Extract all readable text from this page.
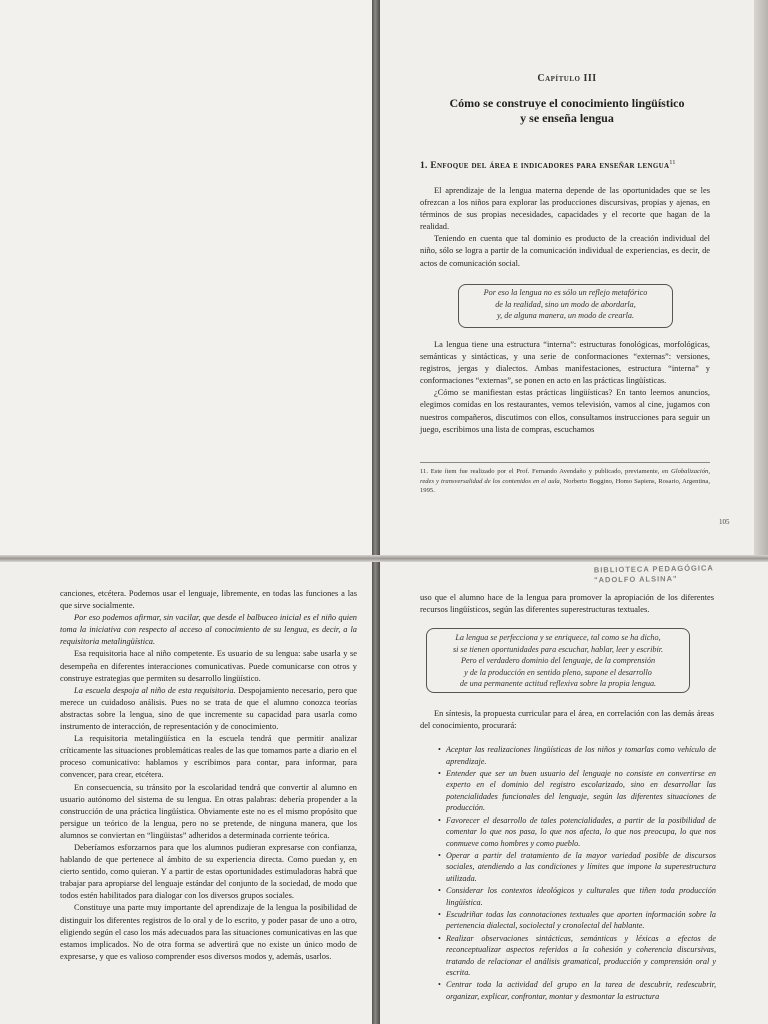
Capítulo III
Cómo se construye el conocimiento lingüístico
y se enseña lengua
1. Enfoque del área e indicadores para enseñar lengua$^{11}$

El aprendizaje de la lengua materna depende de las oportunidades que se les ofrezcan a los niños para explorar las producciones discursivas, propias y ajenas, en términos de sus propias necesidades, capacidades y el recorte que hagan de la realidad.

Teniendo en cuenta que tal dominio es producto de la creación individual del niño, sólo se logra a partir de la comunicación individual de experiencias, es decir, de actos de comunicación social.

Por eso la lengua no es sólo un reflejo metafórico

de la realidad, sino un modo de abordarla,

y, de alguna manera, un modo de crearla.

La lengua tiene una estructura “interna”: estructuras fonológicas, morfológicas, semánticas y sintácticas, y una serie de conformaciones “externas”: versiones, registros, jergas y dialectos. Ambas manifestaciones, estructura “interna” y conformaciones “externas”, se ponen en acto en las prácticas lingüísticas.

¿Cómo se manifiestan estas prácticas lingüísticas? En tanto leemos anuncios, elegimos comidas en los restaurantes, vemos televisión, vamos al cine, jugamos con nuestros compañeros, discutimos con ellos, consultamos instrucciones para seguir un juego, escribimos una lista de compras, escuchamos

11. Este ítem fue realizado por el Prof. Fernando Avendaño y publicado, previamente, en Globalización, redes y transversalidad de los contenidos en el aula, Norberto Boggino, Homo Sapiens, Rosario, Argentina, 1995.

105

canciones, etcétera. Podemos usar el lenguaje, libremente, en todas las funciones a las que sirve socialmente.

Por eso podemos afirmar, sin vacilar, que desde el balbuceo inicial es el niño quien toma la iniciativa con respecto al acceso al conocimiento de su lengua, es decir, a la requisitoria metalingüística.

Esa requisitoria hace al niño competente. Es usuario de su lengua: sabe usarla y se desempeña en diferentes interacciones comunicativas. Puede comunicarse con otros y construye estrategias que permiten su desarrollo lingüístico.

La escuela despoja al niño de esta requisitoria. Despojamiento necesario, pero que merece un cuidadoso análisis. Pues no se trata de que el alumno conozca teorías abstractas sobre la lengua, sino de que incremente su capacidad para usarla como instrumento de interacción, de representación y de conocimiento.

La requisitoria metalingüística en la escuela tendrá que permitir analizar críticamente las situaciones problemáticas reales de las que tomamos parte a diario en el proceso comunicativo: hablamos y escribimos para contar, para informar, para convencer, para crear, etcétera.

En consecuencia, su tránsito por la escolaridad tendrá que convertir al alumno en usuario autónomo del sistema de su lengua. En otras palabras: debería propender a la construcción de una práctica lingüística. Obviamente este no es el mismo propósito que persigue un teórico de la lengua, pero no se pretende, de ninguna manera, que los alumnos se conviertan en “lingüistas” adheridos a determinada corriente teórica.

Deberíamos esforzarnos para que los alumnos pudieran expresarse con confianza, hablando de que pertenece al ámbito de su experiencia directa. Como puedan y, en cierto sentido, como quieran. Y a partir de estas oportunidades estimuladoras habrá que trabajar para apropiarse del lenguaje estándar del conjunto de la sociedad, de modo que todos estén habilitados para dialogar con los diversos grupos sociales.

Constituye una parte muy importante del aprendizaje de la lengua la posibilidad de distinguir los diferentes registros de lo oral y de lo escrito, y poder pasar de uno a otro, eligiendo según el caso los más adecuados para las situaciones comunicativas en las que estamos implicados. No de otra forma se advertirá que no existe un único modo de expresarse, y que es valioso comprender esos diversos modos y, además, usarlos.

BIBLIOTECA PEDAGÓGICA

"ADOLFO ALSINA"

uso que el alumno hace de la lengua para promover la apropiación de los diferentes recursos lingüísticos, según las diferentes superestructuras textuales.

La lengua se perfecciona y se enriquece, tal como se ha dicho,

si se tienen oportunidades para escuchar, hablar, leer y escribir.

Pero el verdadero dominio del lenguaje, de la comprensión

y de la producción en sentido pleno, supone el desarrollo

de una permanente actitud reflexiva sobre la propia lengua.

En síntesis, la propuesta curricular para el área, en correlación con las demás áreas del conocimiento, procurará:

• Aceptar las realizaciones lingüísticas de los niños y tomarlas como vehículo de aprendizaje.
• Entender que ser un buen usuario del lenguaje no consiste en convertirse en experto en el dominio del registro escolarizado, sino en desarrollar las potencialidades funcionales del lenguaje, según las diferentes situaciones de producción.
• Favorecer el desarrollo de tales potencialidades, a partir de la posibilidad de comentar lo que nos pasa, lo que nos afecta, lo que nos preocupa, lo que nos conmueve como hombres y como pueblo.
• Operar a partir del tratamiento de la mayor variedad posible de discursos sociales, atendiendo a las condiciones y límites que impone la superestructura utilizada.
• Considerar los contextos ideológicos y culturales que tiñen toda producción lingüística.
• Escudriñar todas las connotaciones textuales que aporten información sobre la pertenencia dialectal, sociolectal y cronolectal del hablante.
• Realizar observaciones sintácticas, semánticas y léxicas a efectos de reconceptualizar aspectos referidos a la cohesión y coherencia discursivas, tratando de relacionar el análisis gramatical, producción y comprensión oral y escrita.
• Centrar toda la actividad del grupo en la tarea de descubrir, redescubrir, organizar, explicar, confrontar, montar y desmontar la estructura
